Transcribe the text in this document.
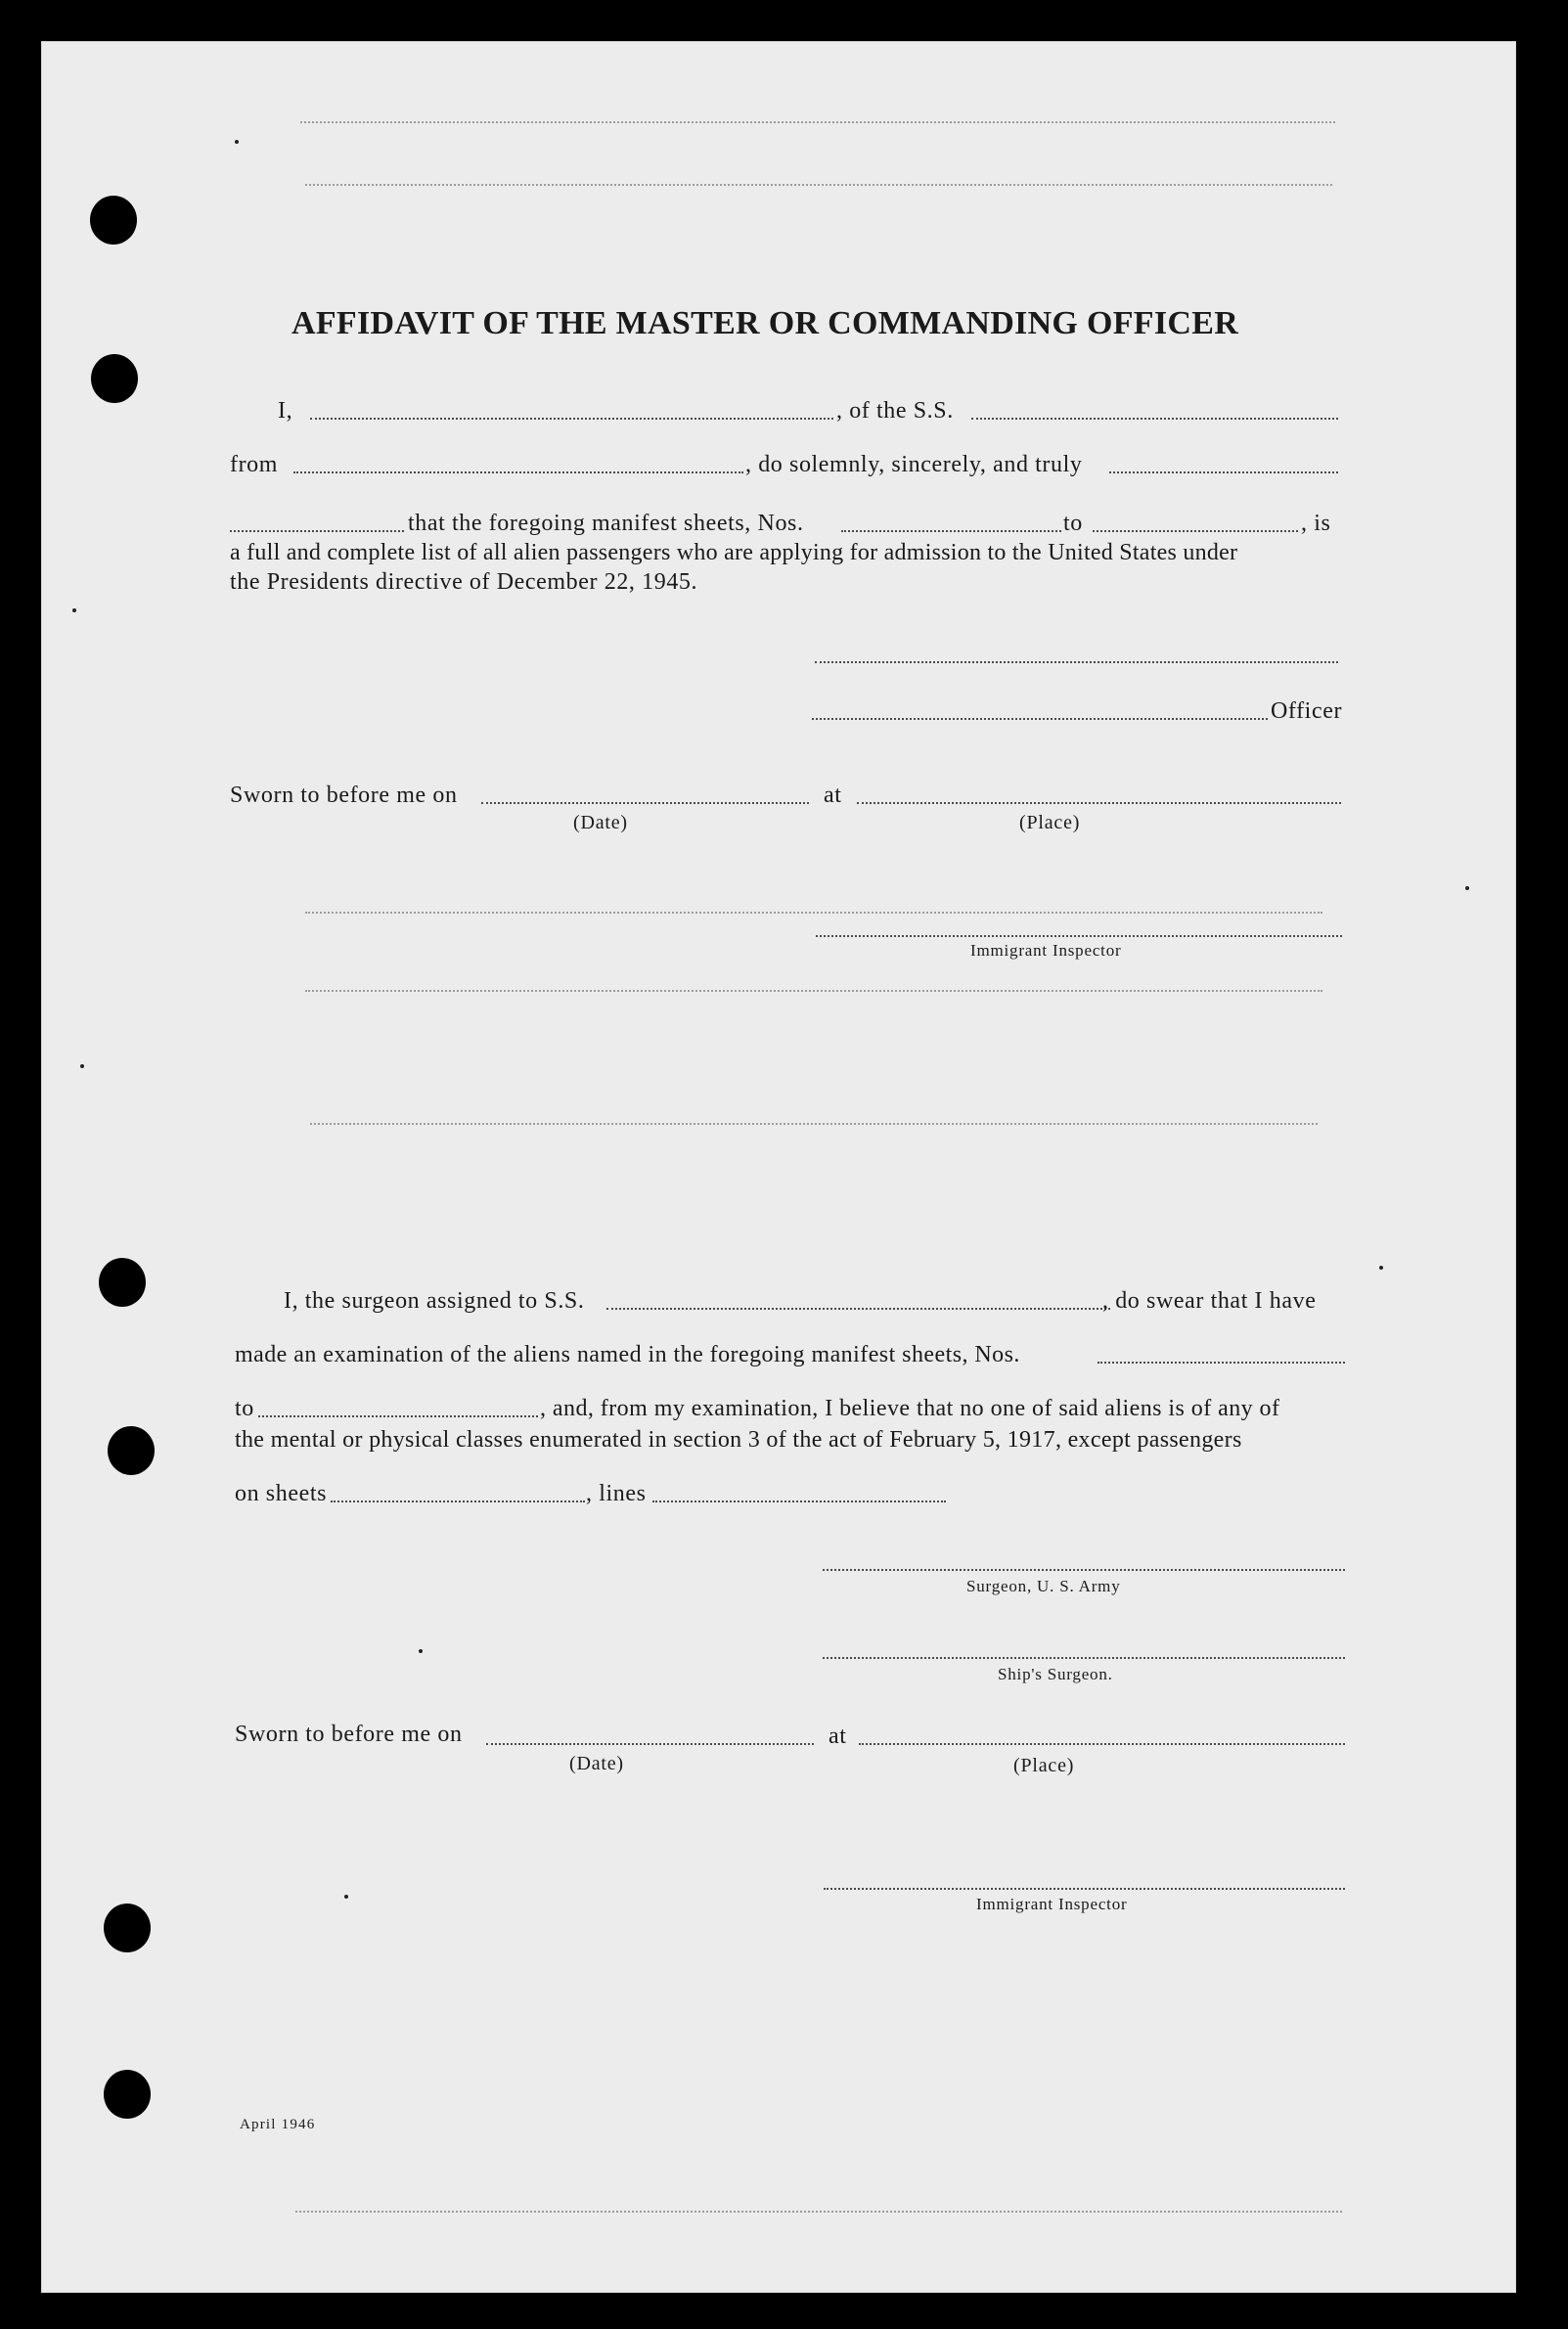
AFFIDAVIT OF THE MASTER OR COMMANDING OFFICER
I,	, of the S.S.
from	, do solemnly, sincerely, and truly
that the foregoing manifest sheets, Nos.	to	, is
a full and complete list of all alien passengers who are applying for admission to the United States under
the Presidents directive of December 22, 1945.
Officer
Sworn to before me on	at
(Date)	(Place)
Immigrant Inspector
I, the surgeon assigned to S.S.	, do swear that I have
made an examination of the aliens named in the foregoing manifest sheets, Nos.
to	, and, from my examination, I believe that no one of said aliens is of any of
the mental or physical classes enumerated in section 3 of the act of February 5, 1917, except passengers
on sheets	, lines
Surgeon, U. S. Army
Ship's Surgeon.
Sworn to before me on	at
(Date)	(Place)
Immigrant Inspector
April 1946
